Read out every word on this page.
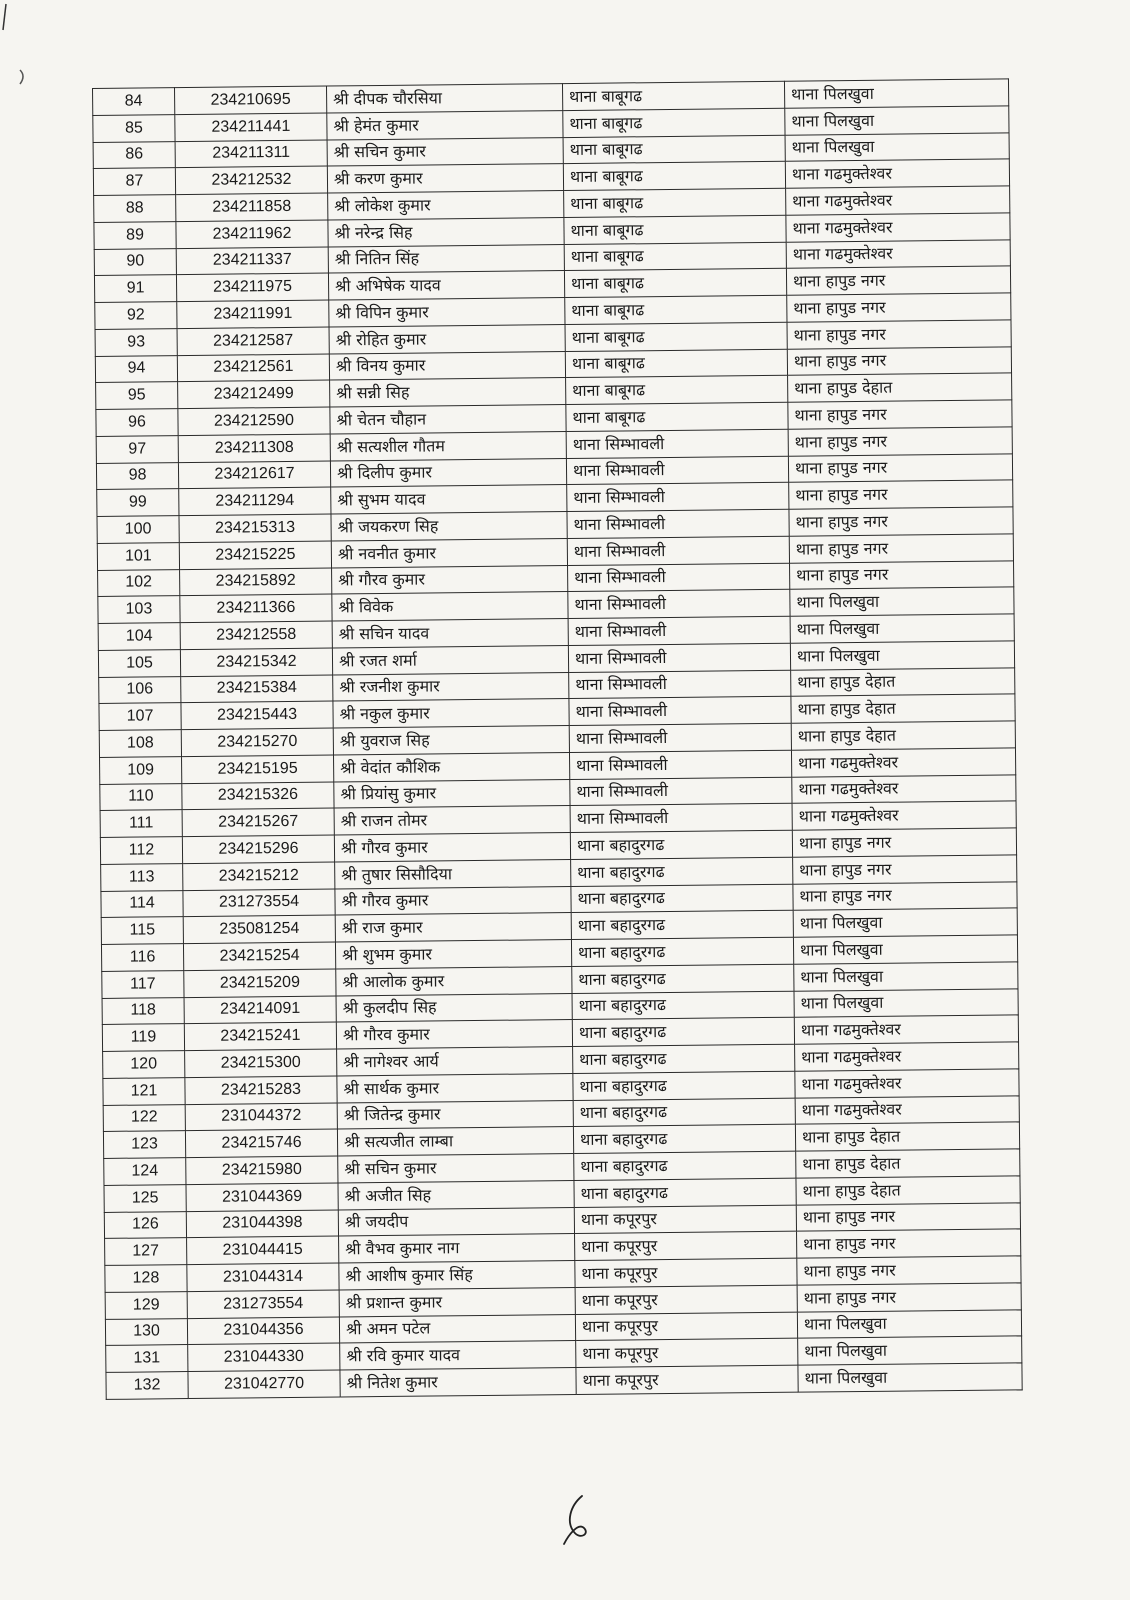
84	234210695	श्री दीपक चौरसिया	थाना बाबूगढ	थाना पिलखुवा
85	234211441	श्री हेमंत कुमार	थाना बाबूगढ	थाना पिलखुवा
86	234211311	श्री सचिन कुमार	थाना बाबूगढ	थाना पिलखुवा
87	234212532	श्री करण कुमार	थाना बाबूगढ	थाना गढमुक्तेश्वर
88	234211858	श्री लोकेश कुमार	थाना बाबूगढ	थाना गढमुक्तेश्वर
89	234211962	श्री नरेन्द्र सिह	थाना बाबूगढ	थाना गढमुक्तेश्वर
90	234211337	श्री नितिन सिंह	थाना बाबूगढ	थाना गढमुक्तेश्वर
91	234211975	श्री अभिषेक यादव	थाना बाबूगढ	थाना हापुड नगर
92	234211991	श्री विपिन कुमार	थाना बाबूगढ	थाना हापुड नगर
93	234212587	श्री रोहित कुमार	थाना बाबूगढ	थाना हापुड नगर
94	234212561	श्री विनय कुमार	थाना बाबूगढ	थाना हापुड नगर
95	234212499	श्री सन्नी सिह	थाना बाबूगढ	थाना हापुड देहात
96	234212590	श्री चेतन चौहान	थाना बाबूगढ	थाना हापुड नगर
97	234211308	श्री सत्यशील गौतम	थाना सिम्भावली	थाना हापुड नगर
98	234212617	श्री दिलीप कुमार	थाना सिम्भावली	थाना हापुड नगर
99	234211294	श्री सुभम यादव	थाना सिम्भावली	थाना हापुड नगर
100	234215313	श्री जयकरण सिह	थाना सिम्भावली	थाना हापुड नगर
101	234215225	श्री नवनीत कुमार	थाना सिम्भावली	थाना हापुड नगर
102	234215892	श्री गौरव कुमार	थाना सिम्भावली	थाना हापुड नगर
103	234211366	श्री विवेक	थाना सिम्भावली	थाना पिलखुवा
104	234212558	श्री सचिन यादव	थाना सिम्भावली	थाना पिलखुवा
105	234215342	श्री रजत शर्मा	थाना सिम्भावली	थाना पिलखुवा
106	234215384	श्री रजनीश कुमार	थाना सिम्भावली	थाना हापुड देहात
107	234215443	श्री नकुल कुमार	थाना सिम्भावली	थाना हापुड देहात
108	234215270	श्री युवराज सिह	थाना सिम्भावली	थाना हापुड देहात
109	234215195	श्री वेदांत कौशिक	थाना सिम्भावली	थाना गढमुक्तेश्वर
110	234215326	श्री प्रियांसु कुमार	थाना सिम्भावली	थाना गढमुक्तेश्वर
111	234215267	श्री राजन तोमर	थाना सिम्भावली	थाना गढमुक्तेश्वर
112	234215296	श्री गौरव कुमार	थाना बहादुरगढ	थाना हापुड नगर
113	234215212	श्री तुषार सिसौदिया	थाना बहादुरगढ	थाना हापुड नगर
114	231273554	श्री गौरव कुमार	थाना बहादुरगढ	थाना हापुड नगर
115	235081254	श्री राज कुमार	थाना बहादुरगढ	थाना पिलखुवा
116	234215254	श्री शुभम कुमार	थाना बहादुरगढ	थाना पिलखुवा
117	234215209	श्री आलोक कुमार	थाना बहादुरगढ	थाना पिलखुवा
118	234214091	श्री कुलदीप सिह	थाना बहादुरगढ	थाना पिलखुवा
119	234215241	श्री गौरव कुमार	थाना बहादुरगढ	थाना गढमुक्तेश्वर
120	234215300	श्री नागेश्वर आर्य	थाना बहादुरगढ	थाना गढमुक्तेश्वर
121	234215283	श्री सार्थक कुमार	थाना बहादुरगढ	थाना गढमुक्तेश्वर
122	231044372	श्री जितेन्द्र कुमार	थाना बहादुरगढ	थाना गढमुक्तेश्वर
123	234215746	श्री सत्यजीत लाम्बा	थाना बहादुरगढ	थाना हापुड देहात
124	234215980	श्री सचिन कुमार	थाना बहादुरगढ	थाना हापुड देहात
125	231044369	श्री अजीत सिह	थाना बहादुरगढ	थाना हापुड देहात
126	231044398	श्री जयदीप	थाना कपूरपुर	थाना हापुड नगर
127	231044415	श्री वैभव कुमार नाग	थाना कपूरपुर	थाना हापुड नगर
128	231044314	श्री आशीष कुमार सिंह	थाना कपूरपुर	थाना हापुड नगर
129	231273554	श्री प्रशान्त कुमार	थाना कपूरपुर	थाना हापुड नगर
130	231044356	श्री अमन पटेल	थाना कपूरपुर	थाना पिलखुवा
131	231044330	श्री रवि कुमार यादव	थाना कपूरपुर	थाना पिलखुवा
132	231042770	श्री नितेश कुमार	थाना कपूरपुर	थाना पिलखुवा
